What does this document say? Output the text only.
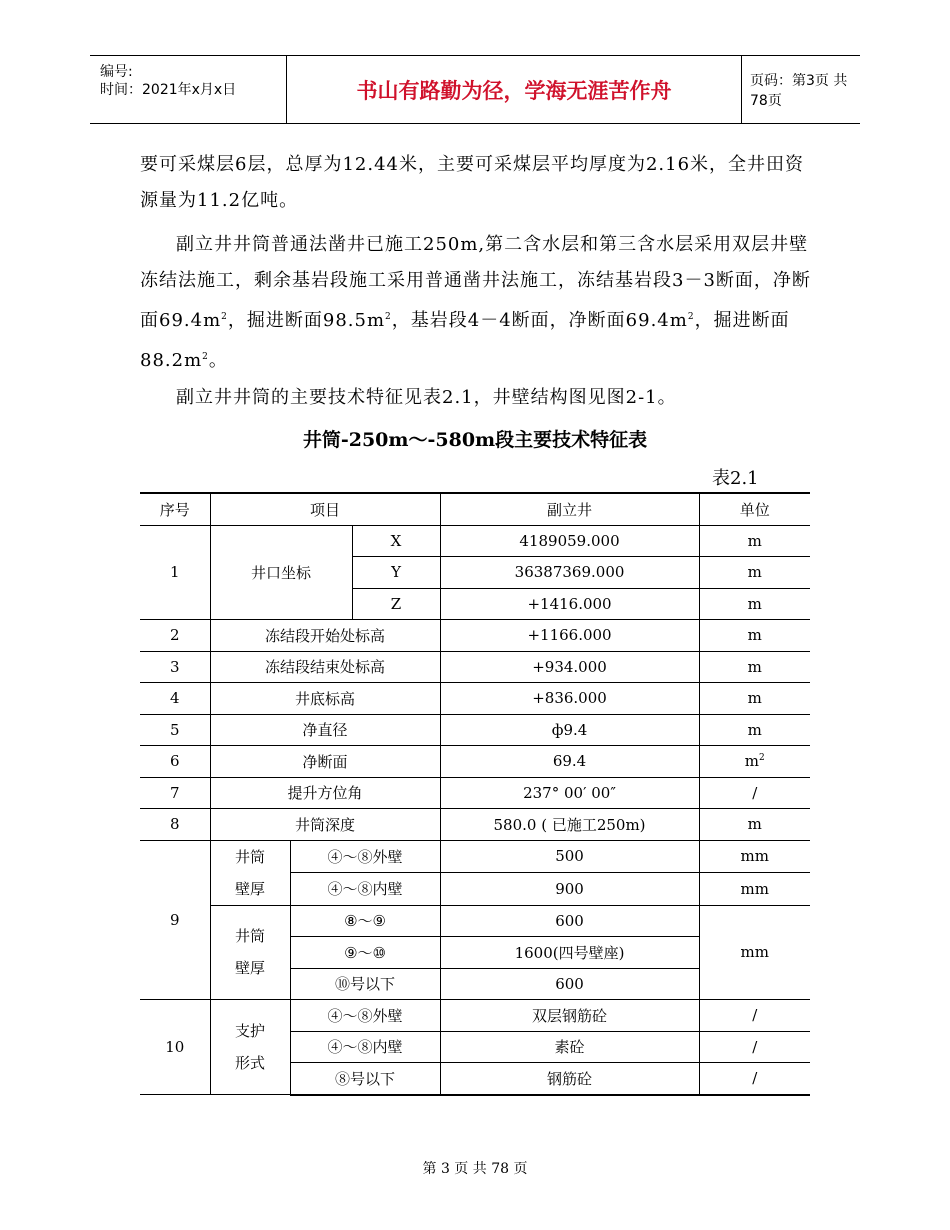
编号:
时间：2021年x月x日	书山有路勤为径，学海无涯苦作舟	页码：第3页 共78页

要可采煤层6层，总厚为12.44米，主要可采煤层平均厚度为2.16米，全井田资源量为11.2亿吨。

副立井井筒普通法凿井已施工250m,第二含水层和第三含水层采用双层井壁冻结法施工，剩余基岩段施工采用普通凿井法施工，冻结基岩段3－3断面，净断面$69.4m^2$，掘进断面$98.5m^2$，基岩段4－4断面，净断面$69.4m^2$，掘进断面$88.2m^2$。

副立井井筒的主要技术特征见表2.1，井壁结构图见图2-1。

井筒-250m～-580m段主要技术特征表
表2.1
序号	项目			副立井	单位
1	井口坐标		X	4189059.000	m
			Y	36387369.000	m
			Z	+1416.000	m
2	冻结段开始处标高			+1166.000	m
3	冻结段结束处标高			+934.000	m
4	井底标高			+836.000	m
5	净直径			ф9.4	m
6	净断面			69.4	$m^2$
7	提升方位角			237° 00′ 00″	/
8	井筒深度			580.0 ( 已施工250m)	m
9	井筒壁厚	④～⑧外壁		500	mm
		④～⑧内壁		900	mm
	井筒壁厚	⑧～⑨		600	mm
		⑨～⑩		1600(四号壁座)	
		⑩号以下		600	
10	支护形式	④～⑧外壁		双层钢筋砼	/
		④～⑧内壁		素砼	/
		⑧号以下		钢筋砼	/
第 3 页 共 78 页
